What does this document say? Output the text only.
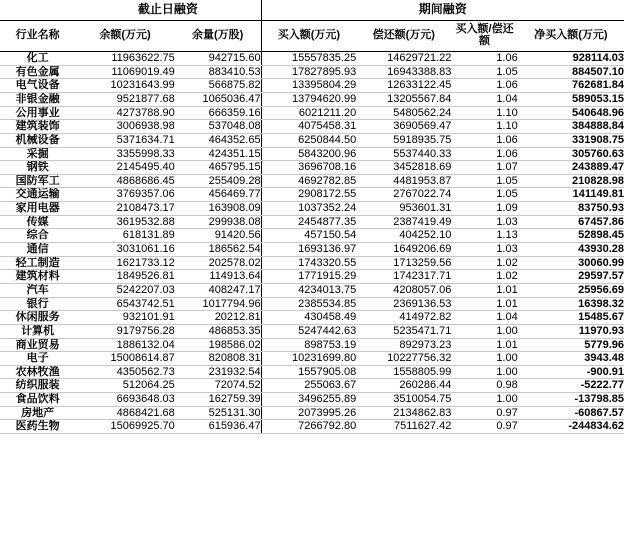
	截止日融资		期间融资			
行业名称	余额(万元)	余量(万股)	买入额(万元)	偿还额(万元)	买入额/偿还额	净买入额(万元)
化工	11963622.75	942715.60	15557835.25	14629721.22	1.06	928114.03
有色金属	11069019.49	883410.53	17827895.93	16943388.83	1.05	884507.10
电气设备	10231643.99	566875.82	13395804.29	12633122.45	1.06	762681.84
非银金融	9521877.68	1065036.47	13794620.99	13205567.84	1.04	589053.15
公用事业	4273788.90	666359.16	6021211.20	5480562.24	1.10	540648.96
建筑装饰	3006938.98	537048.08	4075458.31	3690569.47	1.10	384888.84
机械设备	5371634.71	464352.65	6250844.50	5918935.75	1.06	331908.75
采掘	3355998.33	424351.15	5843200.96	5537440.33	1.06	305760.63
钢铁	2145495.40	465795.15	3696708.16	3452818.69	1.07	243889.47
国防军工	4868686.45	255409.28	4692782.85	4481953.87	1.05	210828.98
交通运输	3769357.06	456469.77	2908172.55	2767022.74	1.05	141149.81
家用电器	2108473.17	163908.09	1037352.24	953601.31	1.09	83750.93
传媒	3619532.88	299938.08	2454877.35	2387419.49	1.03	67457.86
综合	618131.89	91420.56	457150.54	404252.10	1.13	52898.45
通信	3031061.16	186562.54	1693136.97	1649206.69	1.03	43930.28
轻工制造	1621733.12	202578.02	1743320.55	1713259.56	1.02	30060.99
建筑材料	1849526.81	114913.64	1771915.29	1742317.71	1.02	29597.57
汽车	5242207.03	408247.17	4234013.75	4208057.06	1.01	25956.69
银行	6543742.51	1017794.96	2385534.85	2369136.53	1.01	16398.32
休闲服务	932101.91	20212.81	430458.49	414972.82	1.04	15485.67
计算机	9179756.28	486853.35	5247442.63	5235471.71	1.00	11970.93
商业贸易	1886132.04	198586.02	898753.19	892973.23	1.01	5779.96
电子	15008614.87	820808.31	10231699.80	10227756.32	1.00	3943.48
农林牧渔	4350562.73	231932.54	1557905.08	1558805.99	1.00	-900.91
纺织服装	512064.25	72074.52	255063.67	260286.44	0.98	-5222.77
食品饮料	6693648.03	162759.39	3496255.89	3510054.75	1.00	-13798.85
房地产	4868421.68	525131.30	2073995.26	2134862.83	0.97	-60867.57
医药生物	15069925.70	615936.47	7266792.80	7511627.42	0.97	-244834.62
